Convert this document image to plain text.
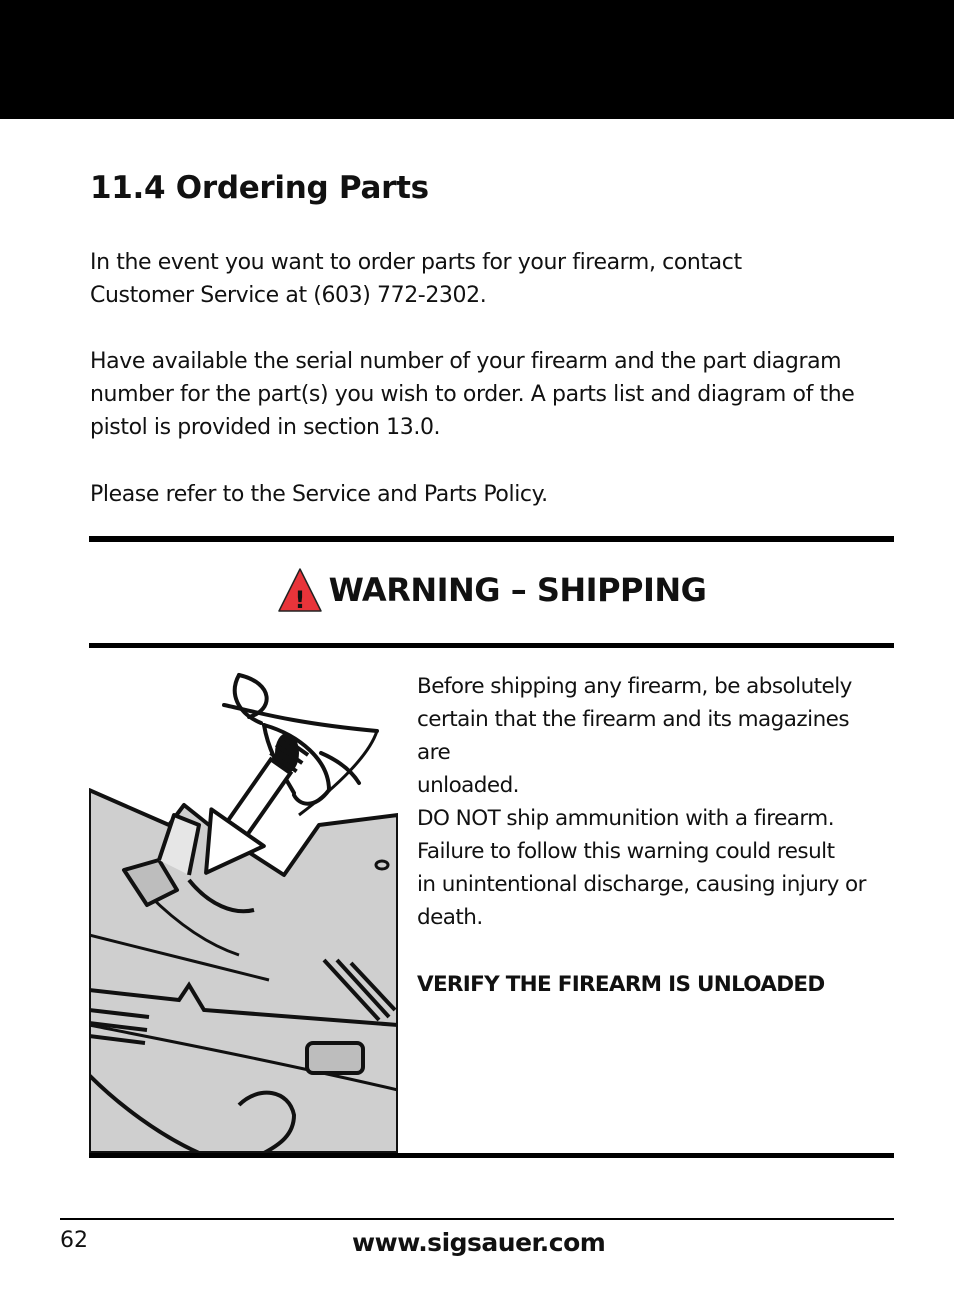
11.4 Ordering Parts

In the event you want to order parts for your firearm, contact
Customer Service at (603) 772-2302.

Have available the serial number of your firearm and the part diagram
number for the part(s) you wish to order. A parts list and diagram of the
pistol is provided in section 13.0.

Please refer to the Service and Parts Policy.

! WARNING – SHIPPING

Before shipping any firearm, be absolutely
certain that the firearm and its magazines are
unloaded.

DO NOT ship ammunition with a firearm.
Failure to follow this warning could result
in unintentional discharge, causing injury or
death.

VERIFY THE FIREARM IS UNLOADED

62	www.sigsauer.com
